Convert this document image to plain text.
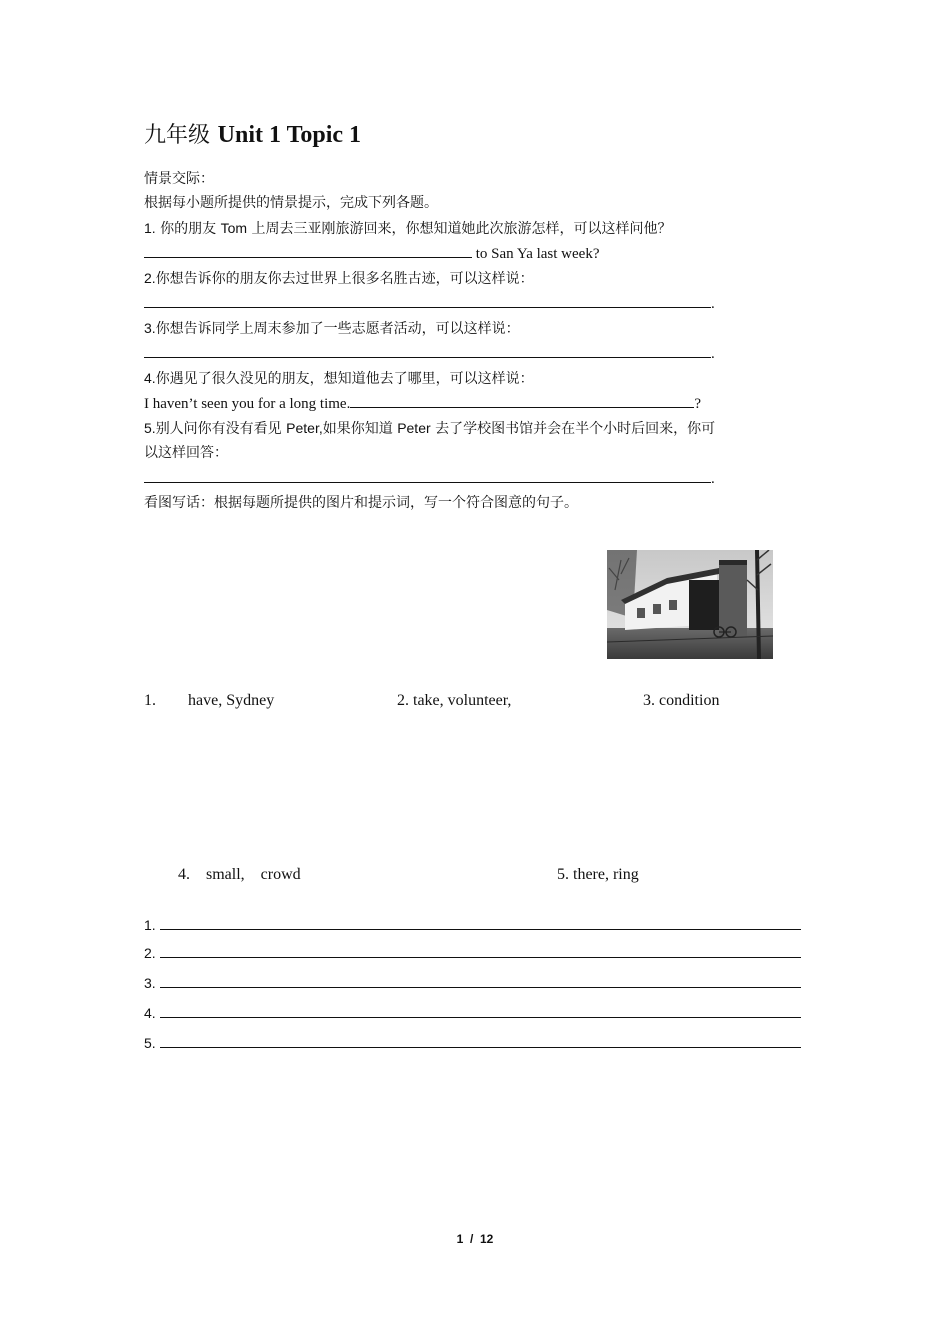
九年级 Unit 1 Topic 1
情景交际：
根据每小题所提供的情景提示，完成下列各题。
1. 你的朋友 Tom 上周去三亚刚旅游回来，你想知道她此次旅游怎样，可以这样问他？
to San Ya last week?
2.你想告诉你的朋友你去过世界上很多名胜古迹，可以这样说：
.
3.你想告诉同学上周末参加了一些志愿者活动，可以这样说：
.
4.你遇见了很久没见的朋友，想知道他去了哪里，可以这样说：
I haven’t seen you for a long time.	?
5.别人问你有没有看见 Peter,如果你知道 Peter 去了学校图书馆并会在半个小时后回来，你可
以这样回答：
.
看图写话：根据每题所提供的图片和提示词，写一个符合图意的句子。
1. have, Sydney	2. take, volunteer,	3. condition
4. small,    crowd	5. there, ring
1.
2.
3.
4.
5.
1  /  12
